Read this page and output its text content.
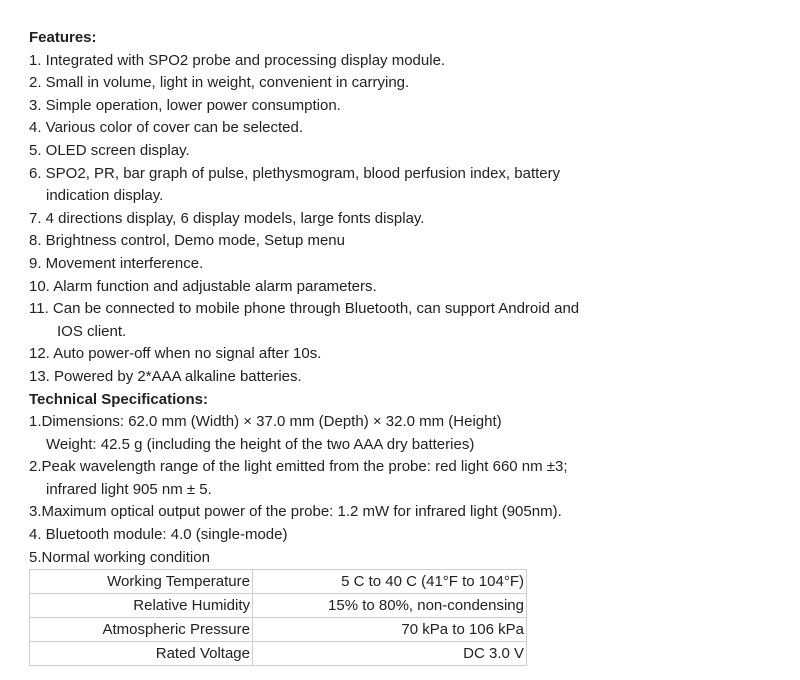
Features:
1. Integrated with SPO2 probe and processing display module.
2. Small in volume, light in weight, convenient in carrying.
3. Simple operation, lower power consumption.
4. Various color of cover can be selected.
5. OLED screen display.
6. SPO2, PR, bar graph of pulse, plethysmogram, blood perfusion index, battery
indication display.
7. 4 directions display, 6 display models, large fonts display.
8. Brightness control, Demo mode, Setup menu
9. Movement interference.
10. Alarm function and adjustable alarm parameters.
11. Can be connected to mobile phone through Bluetooth, can support Android and
IOS client.
12. Auto power-off when no signal after 10s.
13. Powered by 2*AAA alkaline batteries.
Technical Specifications:
1.Dimensions: 62.0 mm (Width) × 37.0 mm (Depth) × 32.0 mm (Height)
Weight: 42.5 g (including the height of the two AAA dry batteries)
2.Peak wavelength range of the light emitted from the probe: red light 660 nm ±3;
infrared light 905 nm ± 5.
3.Maximum optical output power of the probe: 1.2 mW for infrared light (905nm).
4. Bluetooth module: 4.0 (single-mode)
5.Normal working condition
Working Temperature	5 C to 40 C (41°F to 104°F)
Relative Humidity	15% to 80%, non-condensing
Atmospheric Pressure	70 kPa to 106 kPa
Rated Voltage	DC 3.0 V
